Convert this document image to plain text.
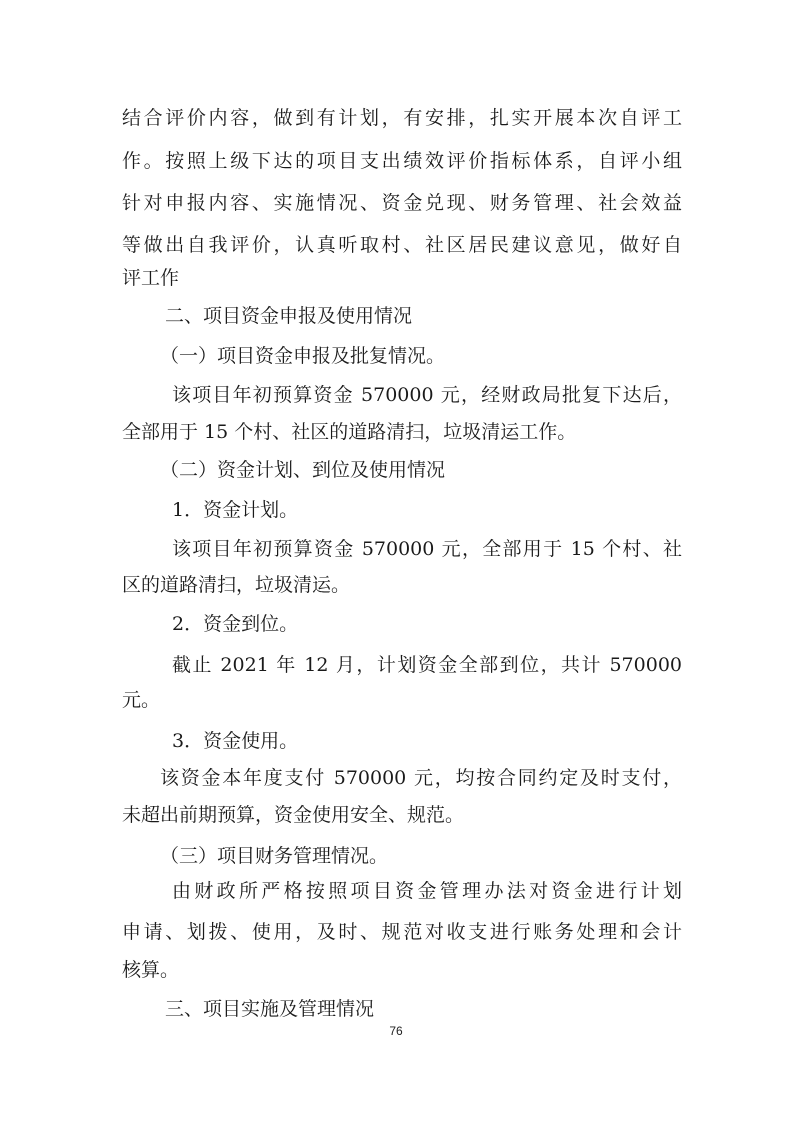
结合评价内容，做到有计划，有安排，扎实开展本次自评工
作。按照上级下达的项目支出绩效评价指标体系，自评小组
针对申报内容、实施情况、资金兑现、财务管理、社会效益
等做出自我评价，认真听取村、社区居民建议意见，做好自
评工作
二、项目资金申报及使用情况
（一）项目资金申报及批复情况。
该项目年初预算资金 570000 元，经财政局批复下达后，
全部用于 15 个村、社区的道路清扫，垃圾清运工作。
（二）资金计划、到位及使用情况
1．资金计划。
该项目年初预算资金 570000 元，全部用于 15 个村、社
区的道路清扫，垃圾清运。
2．资金到位。
截止 2021 年 12 月，计划资金全部到位，共计 570000
元。
3．资金使用。
该资金本年度支付 570000 元，均按合同约定及时支付，
未超出前期预算，资金使用安全、规范。
（三）项目财务管理情况。
由财政所严格按照项目资金管理办法对资金进行计划
申请、划拨、使用，及时、规范对收支进行账务处理和会计
核算。
三、项目实施及管理情况
76
